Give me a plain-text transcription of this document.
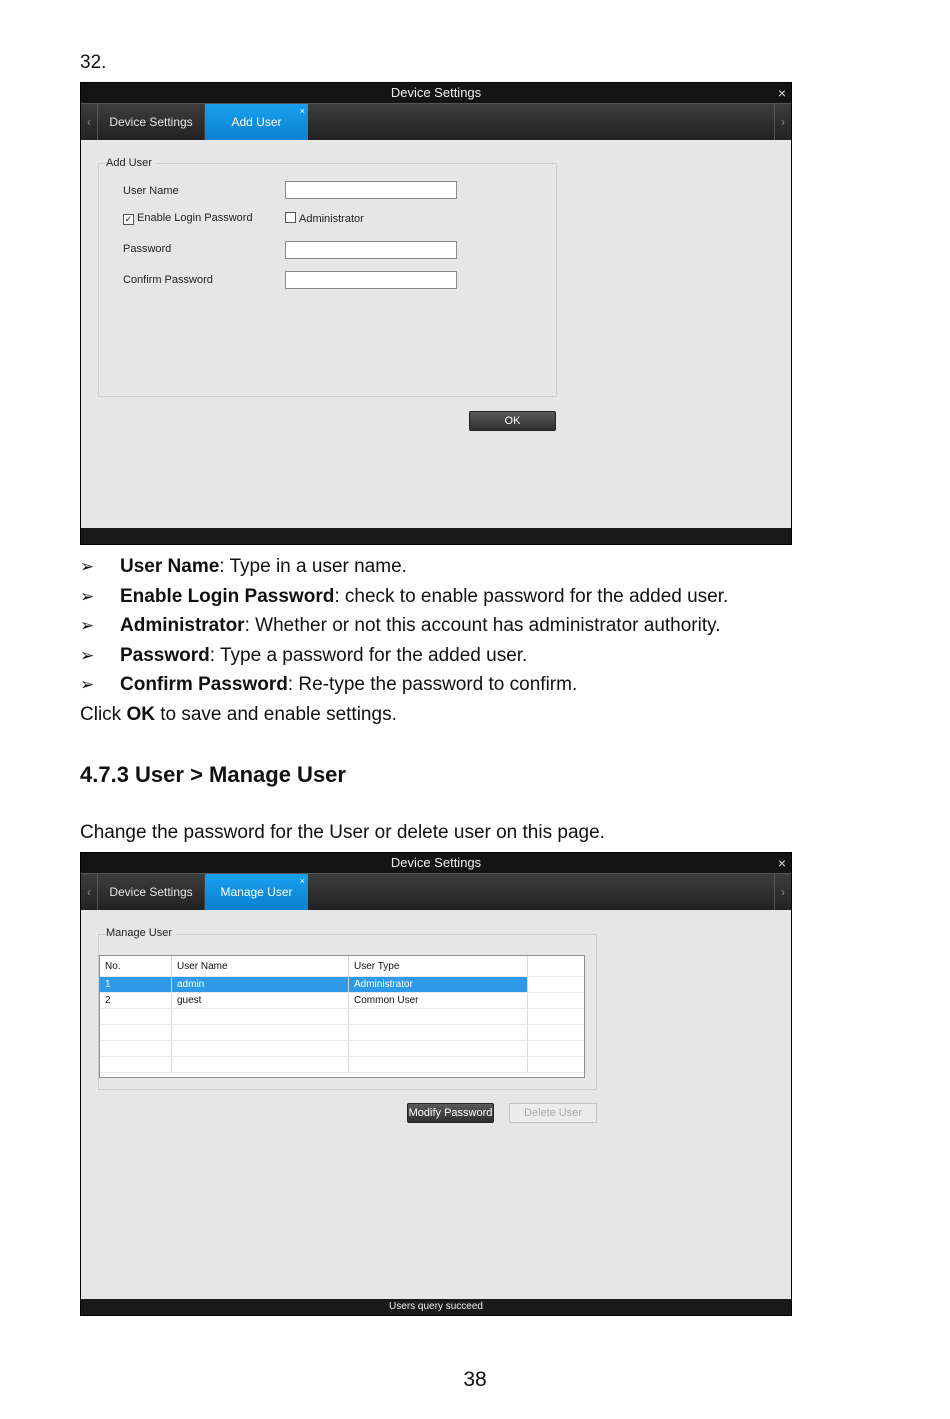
32.
Device Settings	×
‹	Device Settings	Add User
×
›
Add User
User Name
✓ Enable Login Password	Administrator
Password
Confirm Password
OK
➢ User Name: Type in a user name.
➢ Enable Login Password: check to enable password for the added user.
➢ Administrator: Whether or not this account has administrator authority.
➢ Password: Type a password for the added user.
➢ Confirm Password: Re-type the password to confirm.
Click OK to save and enable settings.
4.7.3 User > Manage User
Change the password for the User or delete user on this page.
Device Settings	×
‹	Device Settings	Manage User
×
›
Manage User
No.	User Name	User Type	
1	admin	Administrator	
2	guest	Common User	

Modify Password	Delete User
Users query succeed
38
